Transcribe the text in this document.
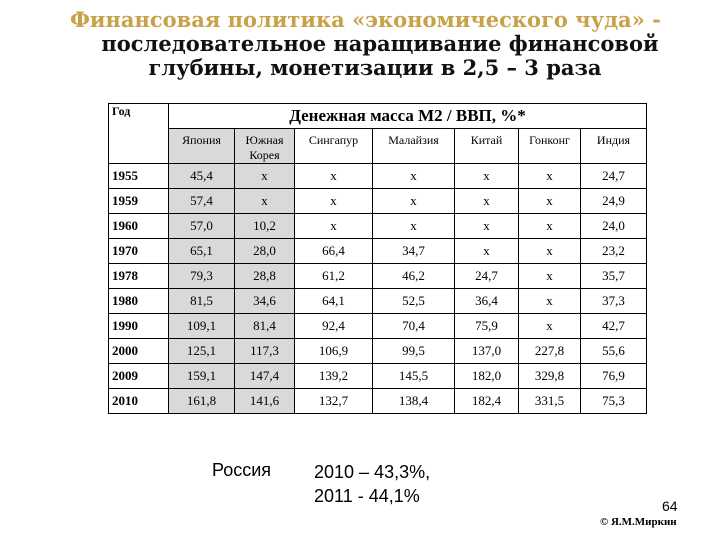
Финансовая политика «экономического чуда» -
последовательное наращивание финансовой
глубины, монетизации в 2,5 – 3 раза
Год	Денежная масса М2 / ВВП, %*						
	Япония	Южная Корея	Сингапур	Малайзия	Китай	Гонконг	Индия
1955	45,4	x	x	x	x	x	24,7
1959	57,4	x	x	x	x	x	24,9
1960	57,0	10,2	x	x	x	x	24,0
1970	65,1	28,0	66,4	34,7	x	x	23,2
1978	79,3	28,8	61,2	46,2	24,7	x	35,7
1980	81,5	34,6	64,1	52,5	36,4	x	37,3
1990	109,1	81,4	92,4	70,4	75,9	x	42,7
2000	125,1	117,3	106,9	99,5	137,0	227,8	55,6
2009	159,1	147,4	139,2	145,5	182,0	329,8	76,9
2010	161,8	141,6	132,7	138,4	182,4	331,5	75,3
Россия 2010 – 43,3%,
2011 - 44,1%	64
© Я.М.Миркин
